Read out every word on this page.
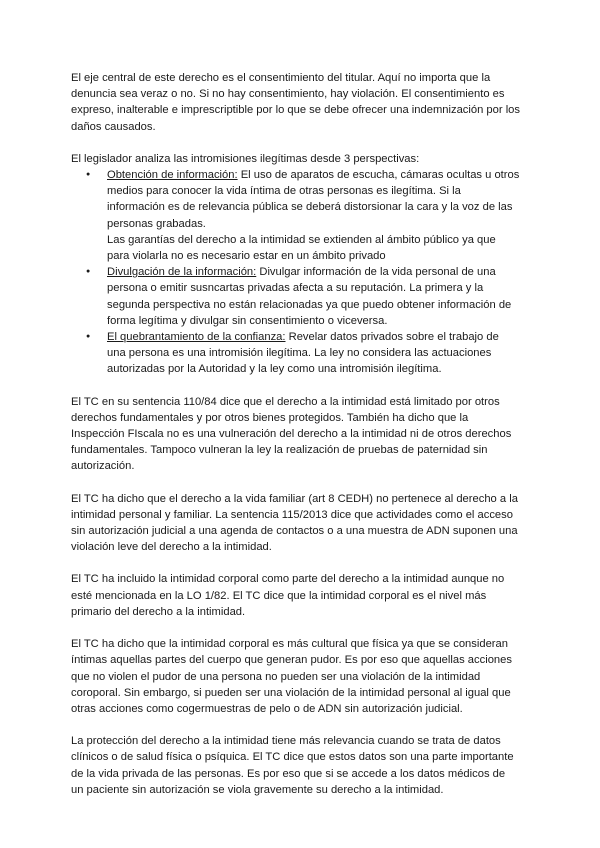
El eje central de este derecho es el consentimiento del titular. Aquí no importa que la denuncia sea veraz o no. Si no hay consentimiento, hay violación. El consentimiento es expreso, inalterable e imprescriptible por lo que se debe ofrecer una indemnización por los daños causados.

El legislador analiza las intromisiones ilegítimas desde 3 perspectivas:

● Obtención de información: El uso de aparatos de escucha, cámaras ocultas u otros medios para conocer la vida íntima de otras personas es ilegítima. Si la información es de relevancia pública se deberá distorsionar la cara y la voz de las personas grabadas.
Las garantías del derecho a la intimidad se extienden al ámbito público ya que para violarla no es necesario estar en un ámbito privado
● Divulgación de la información: Divulgar información de la vida personal de una persona o emitir susncartas privadas afecta a su reputación. La primera y la segunda perspectiva no están relacionadas ya que puedo obtener información de forma legítima y divulgar sin consentimiento o viceversa.
● El quebrantamiento de la confianza: Revelar datos privados sobre el trabajo de una persona es una intromisión ilegítima. La ley no considera las actuaciones autorizadas por la Autoridad y la ley como una intromisión ilegítima.

El TC en su sentencia 110/84 dice que el derecho a la intimidad está limitado por otros derechos fundamentales y por otros bienes protegidos. También ha dicho que la Inspección FIscala no es una vulneración del derecho a la intimidad ni de otros derechos fundamentales. Tampoco vulneran la ley la realización de pruebas de paternidad sin autorización.

El TC ha dicho que el derecho a la vida familiar (art 8 CEDH) no pertenece al derecho a la intimidad personal y familiar. La sentencia 115/2013 dice que actividades como el acceso sin autorización judicial a una agenda de contactos o a una muestra de ADN suponen una violación leve del derecho a la intimidad.

El TC ha incluido la intimidad corporal como parte del derecho a la intimidad aunque no esté mencionada en la LO 1/82. El TC dice que la intimidad corporal es el nivel más primario del derecho a la intimidad.

El TC ha dicho que la intimidad corporal es más cultural que física ya que se consideran íntimas aquellas partes del cuerpo que generan pudor. Es por eso que aquellas acciones que no violen el pudor de una persona no pueden ser una violación de la intimidad coroporal. Sin embargo, si pueden ser una violación de la intimidad personal al igual que otras acciones como cogermuestras de pelo o de ADN sin autorización judicial.

La protección del derecho a la intimidad tiene más relevancia cuando se trata de datos clínicos o de salud física o psíquica. El TC dice que estos datos son una parte importante de la vida privada de las personas. Es por eso que si se accede a los datos médicos de un paciente sin autorización se viola gravemente su derecho a la intimidad.
